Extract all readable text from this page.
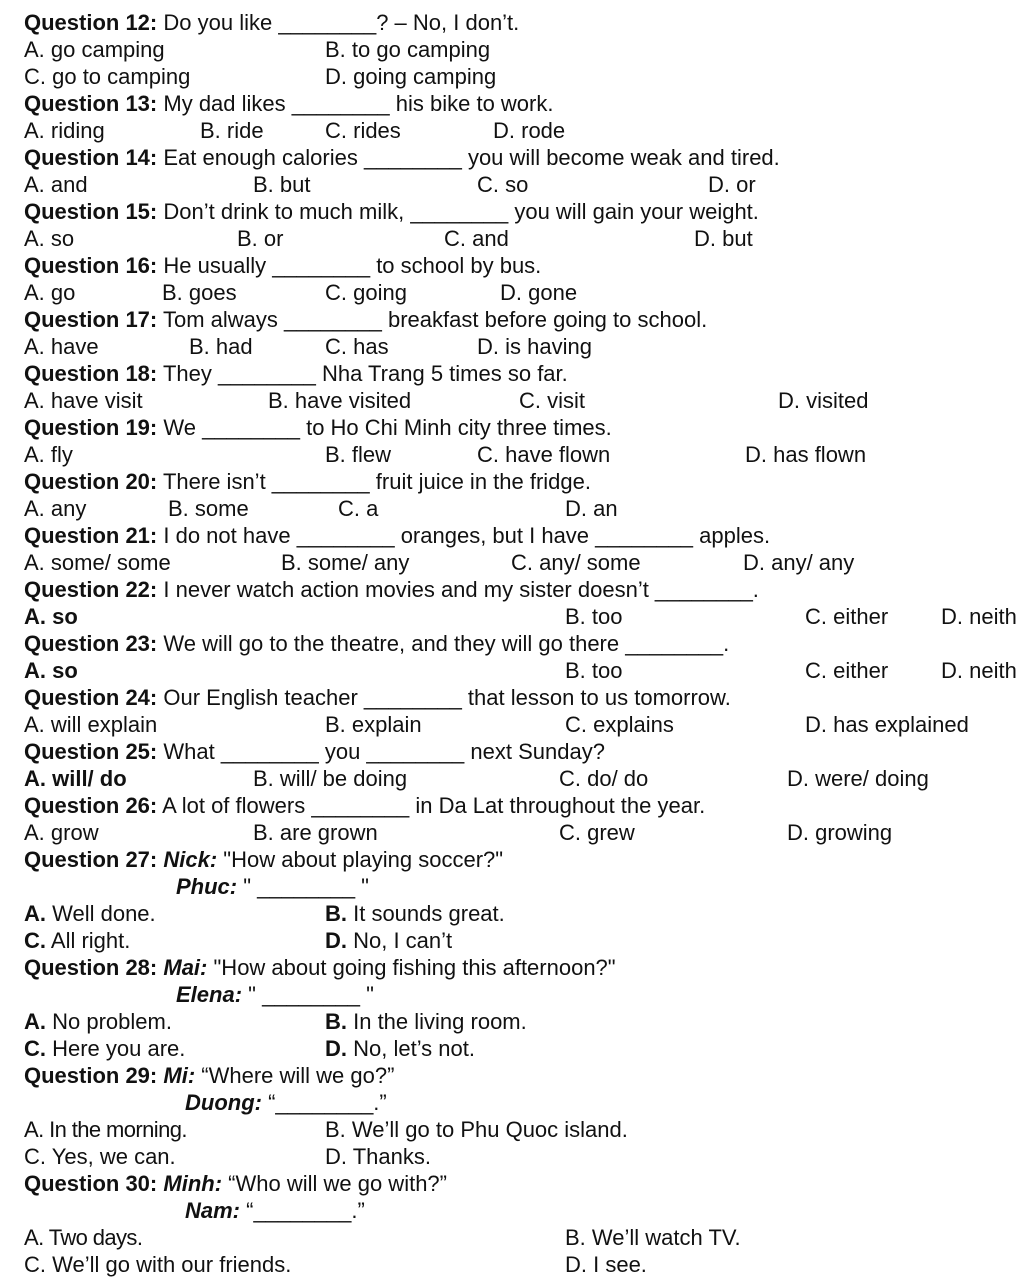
Question 12: Do you like ________? – No, I don’t.
A. go camping	B. to go camping
C. go to camping	D. going camping
Question 13: My dad likes ________ his bike to work.
A. riding	B. ride	C. rides	D. rode
Question 14: Eat enough calories ________ you will become weak and tired.
A. and	B. but	C. so	D. or
Question 15: Don’t drink to much milk, ________ you will gain your weight.
A. so	B. or	C. and	D. but
Question 16: He usually ________ to school by bus.
A. go	B. goes	C. going	D. gone
Question 17: Tom always ________ breakfast before going to school.
A. have	B. had	C. has	D. is having
Question 18: They ________ Nha Trang 5 times so far.
A. have visit	B. have visited	C. visit	D. visited
Question 19: We ________ to Ho Chi Minh city three times.
A. fly	B. flew	C. have flown	D. has flown
Question 20: There isn’t ________ fruit juice in the fridge.
A. any	B. some	C. a	D. an
Question 21: I do not have ________ oranges, but I have ________ apples.
A. some/ some	B. some/ any	C. any/ some	D. any/ any
Question 22: I never watch action movies and my sister doesn’t ________.
A. so	B. too	C. either D. neith
Question 23: We will go to the theatre, and they will go there ________.
A. so	B. too	C. either D. neith
Question 24: Our English teacher ________ that lesson to us tomorrow.
A. will explain	B. explain	C. explains	D. has explained
Question 25: What ________ you ________ next Sunday?
A. will/ do	B. will/ be doing	C. do/ do	D. were/ doing
Question 26: A lot of flowers ________ in Da Lat throughout the year.
A. grow	B. are grown	C. grew	D. growing
Question 27: Nick: "How about playing soccer?"
Phuc: " ________ "
A. Well done.	B. It sounds great.
C. All right.	D. No, I can’t
Question 28: Mai: "How about going fishing this afternoon?"
Elena: " ________ "
A. No problem.	B. In the living room.
C. Here you are.	D. No, let’s not.
Question 29: Mi: “Where will we go?”
Duong: “________.”
A. In the morning.	B. We’ll go to Phu Quoc island.
C. Yes, we can.	D. Thanks.
Question 30: Minh: “Who will we go with?”
Nam: “________.”
A. Two days.	B. We’ll watch TV.
C. We’ll go with our friends.	D. I see.
